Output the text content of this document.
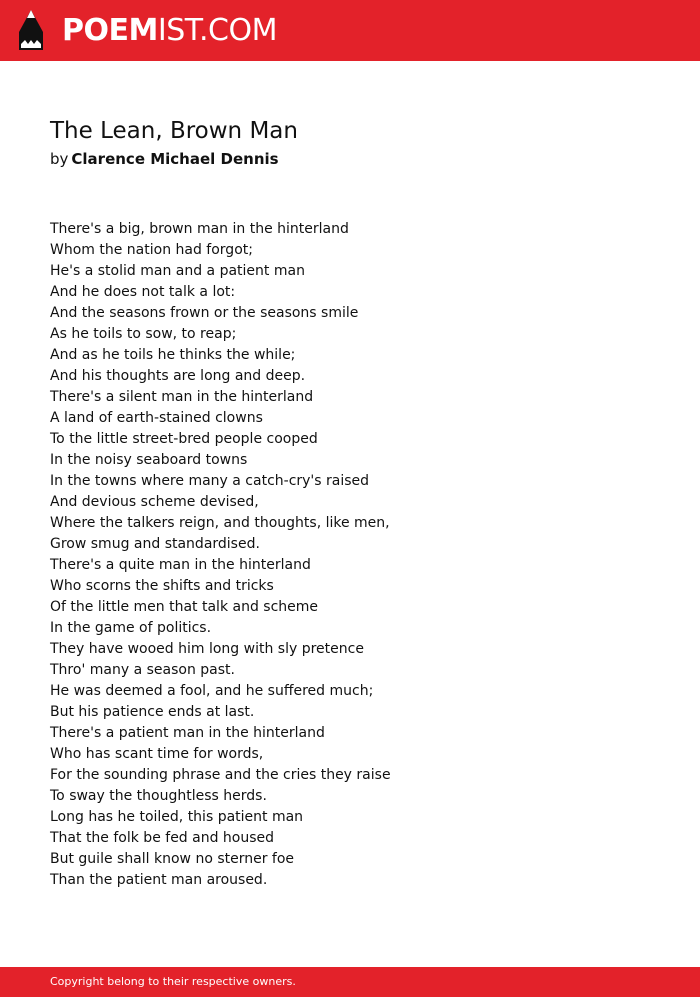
POEMIST.COM
The Lean, Brown Man
by Clarence Michael Dennis
There's a big, brown man in the hinterland
Whom the nation had forgot;
He's a stolid man and a patient man
And he does not talk a lot:
And the seasons frown or the seasons smile
As he toils to sow, to reap;
And as he toils he thinks the while;
And his thoughts are long and deep.
There's a silent man in the hinterland
A land of earth-stained clowns
To the little street-bred people cooped
In the noisy seaboard towns
In the towns where many a catch-cry's raised
And devious scheme devised,
Where the talkers reign, and thoughts, like men,
Grow smug and standardised.
There's a quite man in the hinterland
Who scorns the shifts and tricks
Of the little men that talk and scheme
In the game of politics.
They have wooed him long with sly pretence
Thro' many a season past.
He was deemed a fool, and he suffered much;
But his patience ends at last.
There's a patient man in the hinterland
Who has scant time for words,
For the sounding phrase and the cries they raise
To sway the thoughtless herds.
Long has he toiled, this patient man
That the folk be fed and housed
But guile shall know no sterner foe
Than the patient man aroused.
Copyright belong to their respective owners.
